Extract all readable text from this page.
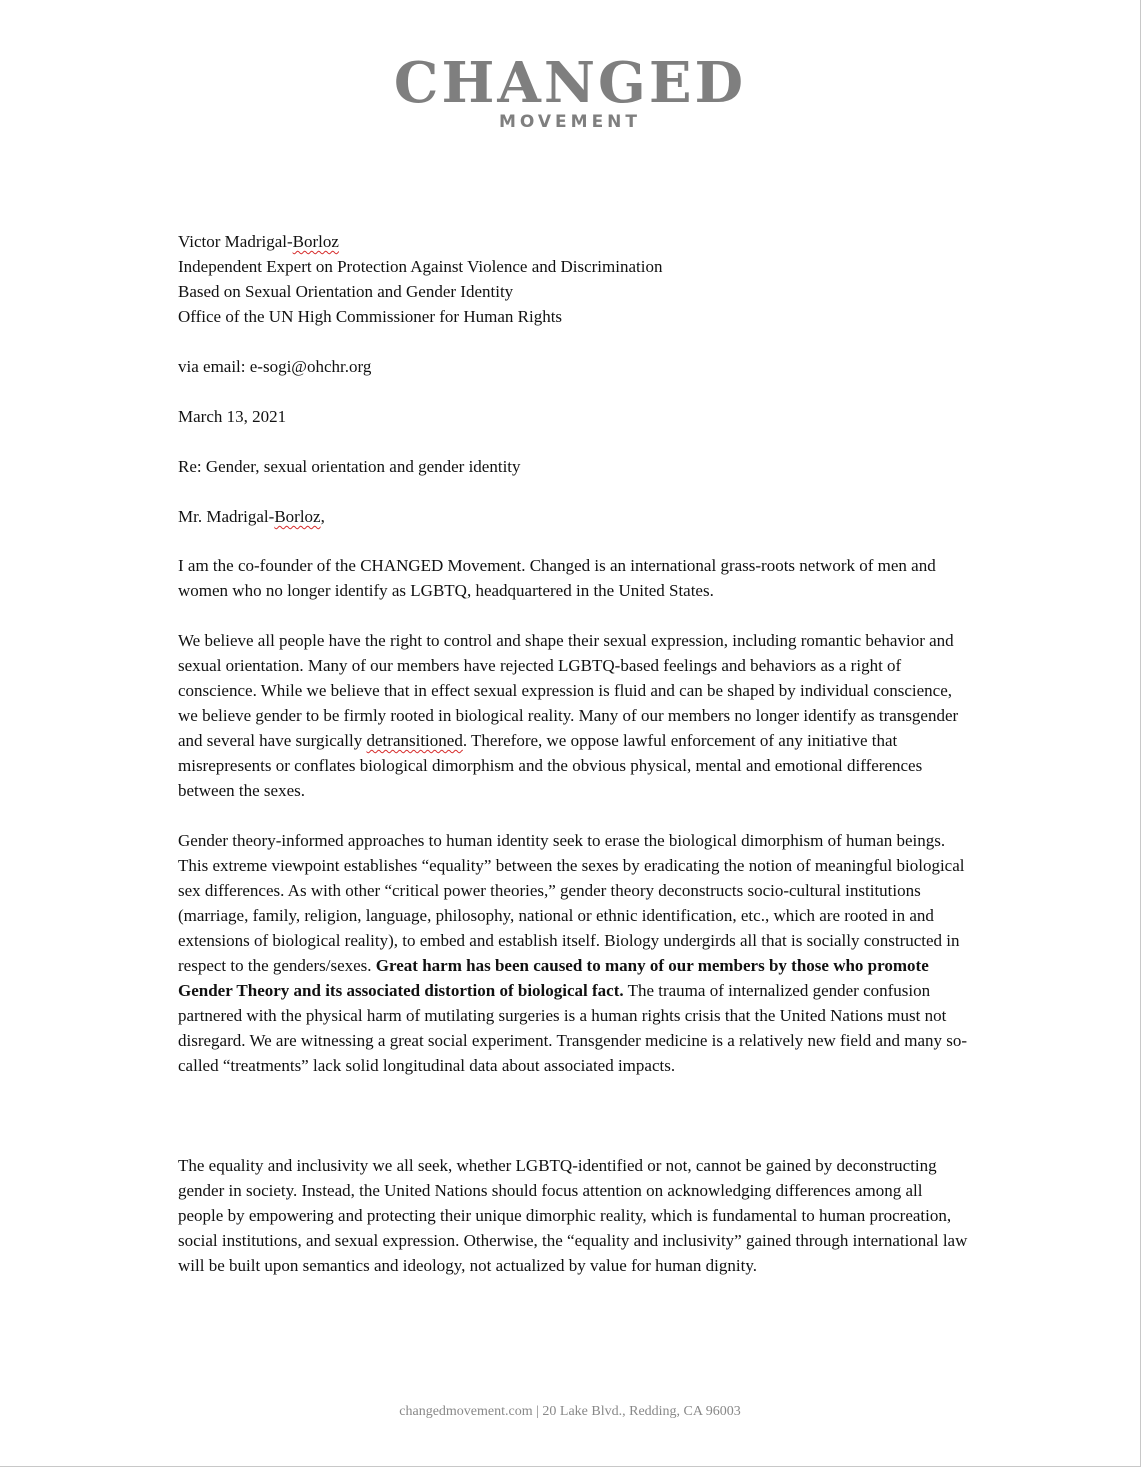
CHANGED
MOVEMENT

Victor Madrigal-Borloz

Independent Expert on Protection Against Violence and Discrimination

Based on Sexual Orientation and Gender Identity

Office of the UN High Commissioner for Human Rights

via email: e-sogi@ohchr.org
March 13, 2021
Re: Gender, sexual orientation and gender identity
Mr. Madrigal-Borloz,
I am the co-founder of the CHANGED Movement. Changed is an international grass-roots network of men and women who no longer identify as LGBTQ, headquartered in the United States.
We believe all people have the right to control and shape their sexual expression, including romantic behavior and sexual orientation. Many of our members have rejected LGBTQ-based feelings and behaviors as a right of conscience. While we believe that in effect sexual expression is fluid and can be shaped by individual conscience, we believe gender to be firmly rooted in biological reality. Many of our members no longer identify as transgender and several have surgically detransitioned. Therefore, we oppose lawful enforcement of any initiative that misrepresents or conflates biological dimorphism and the obvious physical, mental and emotional differences between the sexes.
Gender theory-informed approaches to human identity seek to erase the biological dimorphism of human beings. This extreme viewpoint establishes “equality” between the sexes by eradicating the notion of meaningful biological sex differences. As with other “critical power theories,” gender theory deconstructs socio-cultural institutions (marriage, family, religion, language, philosophy, national or ethnic identification, etc., which are rooted in and extensions of biological reality), to embed and establish itself. Biology undergirds all that is socially constructed in respect to the genders/sexes. Great harm has been caused to many of our members by those who promote Gender Theory and its associated distortion of biological fact. The trauma of internalized gender confusion partnered with the physical harm of mutilating surgeries is a human rights crisis that the United Nations must not disregard. We are witnessing a great social experiment. Transgender medicine is a relatively new field and many so-called “treatments” lack solid longitudinal data about associated impacts.
The equality and inclusivity we all seek, whether LGBTQ-identified or not, cannot be gained by deconstructing gender in society. Instead, the United Nations should focus attention on acknowledging differences among all people by empowering and protecting their unique dimorphic reality, which is fundamental to human procreation, social institutions, and sexual expression. Otherwise, the “equality and inclusivity” gained through international law will be built upon semantics and ideology, not actualized by value for human dignity.
changedmovement.com | 20 Lake Blvd., Redding, CA 96003
